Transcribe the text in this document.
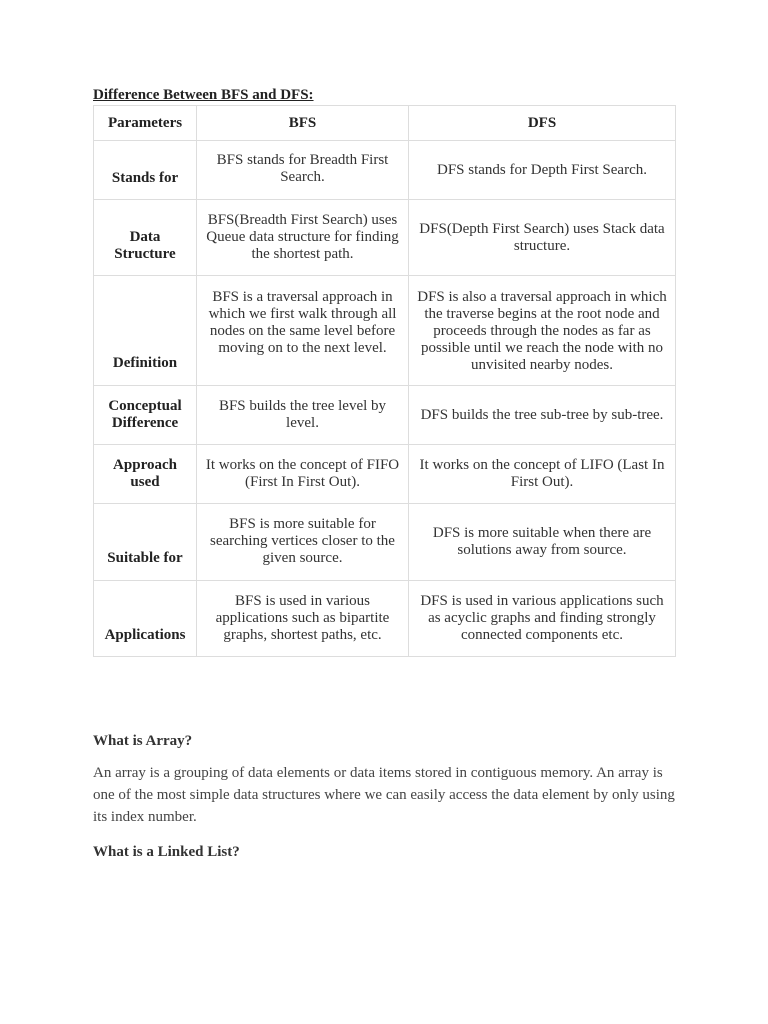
Difference Between BFS and DFS:
Parameters	BFS	DFS
Stands for	BFS stands for Breadth First Search.	DFS stands for Depth First Search.
Data Structure	BFS(Breadth First Search) uses Queue data structure for finding the shortest path.	DFS(Depth First Search) uses Stack data structure.
Definition	BFS is a traversal approach in which we first walk through all nodes on the same level before moving on to the next level.	DFS is also a traversal approach in which the traverse begins at the root node and proceeds through the nodes as far as possible until we reach the node with no unvisited nearby nodes.
Conceptual Difference	BFS builds the tree level by level.	DFS builds the tree sub-tree by sub-tree.
Approach used	It works on the concept of FIFO (First In First Out).	It works on the concept of LIFO (Last In First Out).
Suitable for	BFS is more suitable for searching vertices closer to the given source.	DFS is more suitable when there are solutions away from source.
Applications	BFS is used in various applications such as bipartite graphs, shortest paths, etc.	DFS is used in various applications such as acyclic graphs and finding strongly connected components etc.
What is Array?
An array is a grouping of data elements or data items stored in contiguous memory. An array is one of the most simple data structures where we can easily access the data element by only using its index number.
What is a Linked List?
